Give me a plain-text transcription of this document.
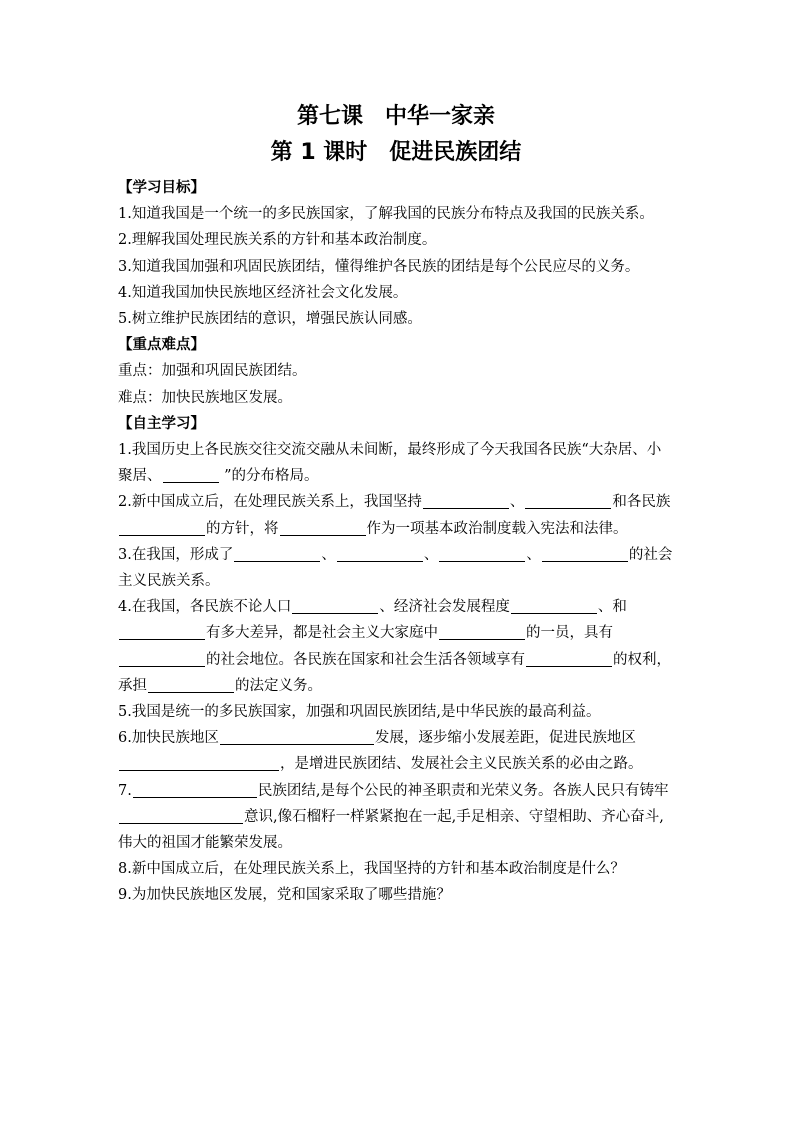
第七课　中华一家亲
第 1 课时　促进民族团结

【学习目标】

1.知道我国是一个统一的多民族国家，了解我国的民族分布特点及我国的民族关系。

2.理解我国处理民族关系的方针和基本政治制度。

3.知道我国加强和巩固民族团结，懂得维护各民族的团结是每个公民应尽的义务。

4.知道我国加快民族地区经济社会文化发展。

5.树立维护民族团结的意识，增强民族认同感。

【重点难点】

重点：加强和巩固民族团结。

难点：加快民族地区发展。

【自主学习】

1.我国历史上各民族交往交流交融从未间断，最终形成了今天我国各民族“大杂居、小聚居、	”的分布格局。

2.新中国成立后，在处理民族关系上，我国坚持	、	和各民族的方针，将	作为一项基本政治制度载入宪法和法律。

3.在我国，形成了	、	、	、	的社会主义民族关系。

4.在我国，各民族不论人口	、经济社会发展程度	、和有多大差异，都是社会主义大家庭中	的一员，具有的社会地位。各民族在国家和社会生活各领域享有	的权利，承担	的法定义务。

5.我国是统一的多民族国家，加强和巩固民族团结,是中华民族的最高利益。

6.加快民族地区	发展，逐步缩小发展差距，促进民族地区，是增进民族团结、发展社会主义民族关系的必由之路。

7.	民族团结,是每个公民的神圣职责和光荣义务。各族人民只有铸牢意识,像石榴籽一样紧紧抱在一起,手足相亲、守望相助、齐心奋斗,伟大的祖国才能繁荣发展。

8.新中国成立后，在处理民族关系上，我国坚持的方针和基本政治制度是什么？

9.为加快民族地区发展，党和国家采取了哪些措施？
